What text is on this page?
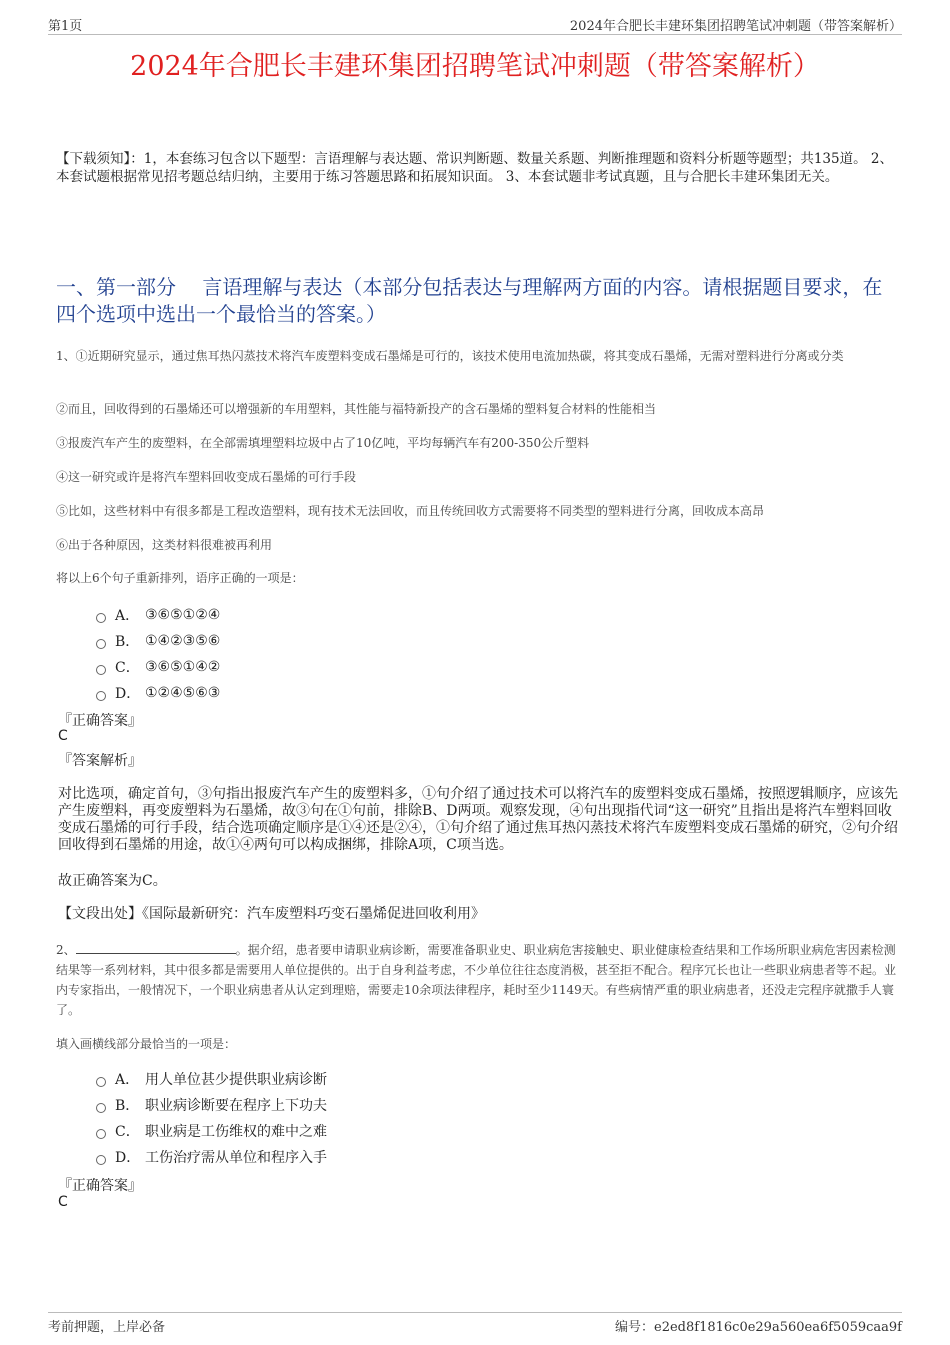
第1页	2024年合肥长丰建环集团招聘笔试冲刺题（带答案解析）
2024年合肥长丰建环集团招聘笔试冲刺题（带答案解析）
【下载须知】：1，本套练习包含以下题型：言语理解与表达题、常识判断题、数量关系题、判断推理题和资料分析题等题型；共135道。 2、本套试题根据常见招考题总结归纳，主要用于练习答题思路和拓展知识面。 3、本套试题非考试真题，且与合肥长丰建环集团无关。
一、第一部分　 言语理解与表达（本部分包括表达与理解两方面的内容。请根据题目要求，在四个选项中选出一个最恰当的答案。）
1、①近期研究显示，通过焦耳热闪蒸技术将汽车废塑料变成石墨烯是可行的，该技术使用电流加热碳，将其变成石墨烯，无需对塑料进行分离或分类
②而且，回收得到的石墨烯还可以增强新的车用塑料，其性能与福特新投产的含石墨烯的塑料复合材料的性能相当
③报废汽车产生的废塑料，在全部需填埋塑料垃圾中占了10亿吨，平均每辆汽车有200-350公斤塑料
④这一研究或许是将汽车塑料回收变成石墨烯的可行手段
⑤比如，这些材料中有很多都是工程改造塑料，现有技术无法回收，而且传统回收方式需要将不同类型的塑料进行分离，回收成本高昂
⑥出于各种原因，这类材料很难被再利用
将以上6个句子重新排列，语序正确的一项是：
A． ③⑥⑤①②④
B． ①④②③⑤⑥
C． ③⑥⑤①④②
D． ①②④⑤⑥③
『正确答案』
C
『答案解析』
对比选项，确定首句，③句指出报废汽车产生的废塑料多，①句介绍了通过技术可以将汽车的废塑料变成石墨烯，按照逻辑顺序，应该先产生废塑料，再变废塑料为石墨烯，故③句在①句前，排除B、D两项。观察发现，④句出现指代词“这一研究”且指出是将汽车塑料回收变成石墨烯的可行手段，结合选项确定顺序是①④还是②④，①句介绍了通过焦耳热闪蒸技术将汽车废塑料变成石墨烯的研究，②句介绍回收得到石墨烯的用途，故①④两句可以构成捆绑，排除A项，C项当选。
故正确答案为C。
【文段出处】《国际最新研究：汽车废塑料巧变石墨烯促进回收利用》
2、	。据介绍，患者要申请职业病诊断，需要准备职业史、职业病危害接触史、职业健康检查结果和工作场所职业病危害因素检测结果等一系列材料，其中很多都是需要用人单位提供的。出于自身利益考虑，不少单位往往态度消极，甚至拒不配合。程序冗长也让一些职业病患者等不起。业内专家指出，一般情况下，一个职业病患者从认定到理赔，需要走10余项法律程序，耗时至少1149天。有些病情严重的职业病患者，还没走完程序就撒手人寰了。
填入画横线部分最恰当的一项是：
A． 用人单位甚少提供职业病诊断
B． 职业病诊断要在程序上下功夫
C． 职业病是工伤维权的难中之难
D． 工伤治疗需从单位和程序入手
『正确答案』
C
考前押题，上岸必备	编号：e2ed8f1816c0e29a560ea6f5059caa9f
